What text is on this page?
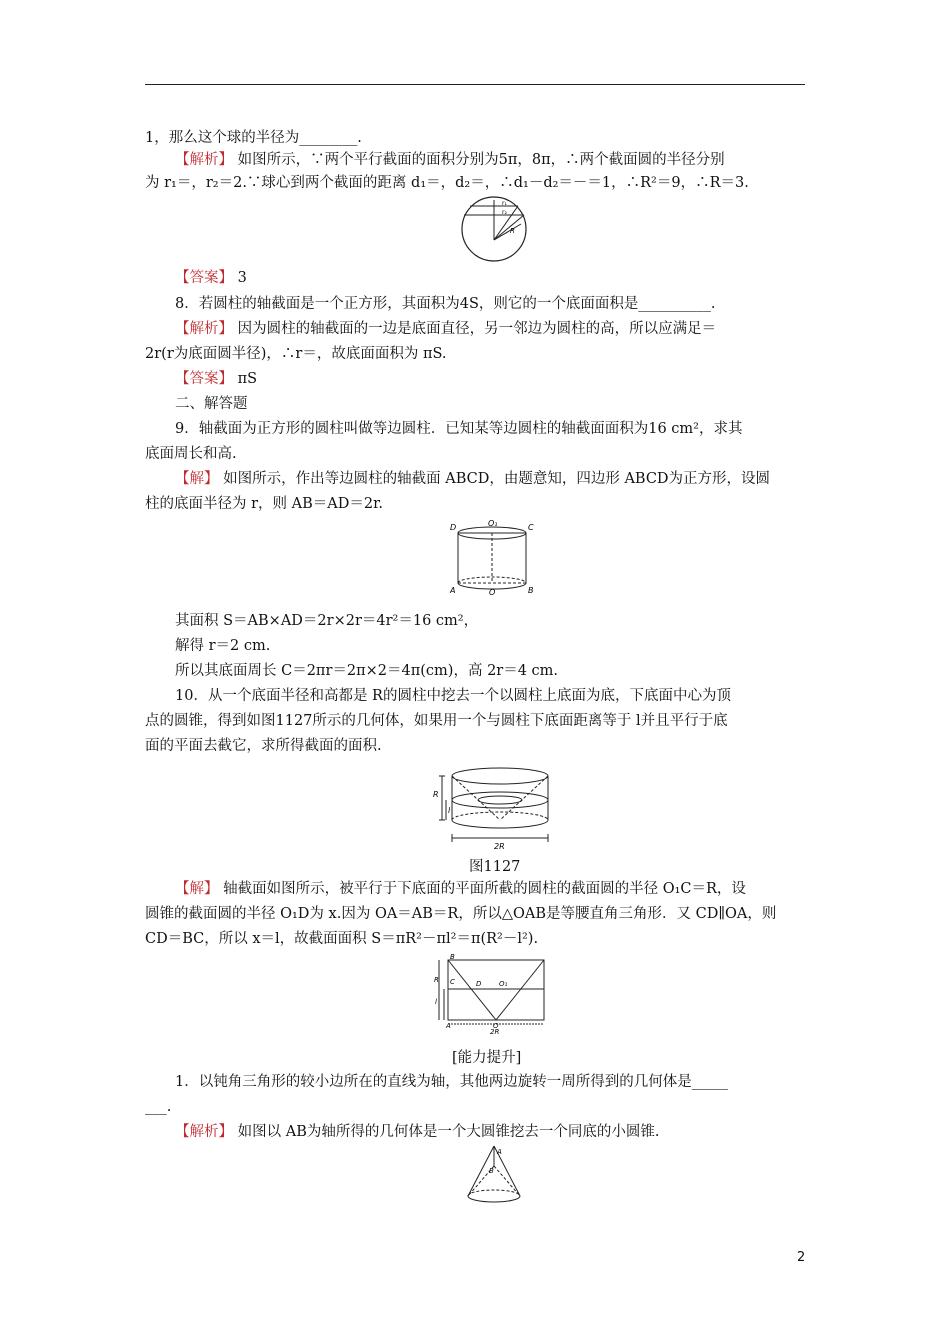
1，那么这个球的半径为________.
【解析】 如图所示，∵两个平行截面的面积分别为5π，8π，∴两个截面圆的半径分别
为 r₁＝，r₂＝2.∵球心到两个截面的距离 d₁＝，d₂＝，∴d₁－d₂＝－＝1，∴R²＝9，∴R＝3.
r₁
r₂
R
【答案】 3
8．若圆柱的轴截面是一个正方形，其面积为4S，则它的一个底面面积是__________.
【解析】 因为圆柱的轴截面的一边是底面直径，另一邻边为圆柱的高，所以应满足＝
2r(r为底面圆半径)，∴r＝，故底面面积为 πS.
【答案】 πS
二、解答题
9．轴截面为正方形的圆柱叫做等边圆柱．已知某等边圆柱的轴截面面积为16 cm²，求其
底面周长和高.
【解】 如图所示，作出等边圆柱的轴截面 ABCD，由题意知，四边形 ABCD为正方形，设圆
柱的底面半径为 r，则 AB＝AD＝2r.
D	O₁	C
A	O	B
其面积 S＝AB×AD＝2r×2r＝4r²＝16 cm²，
解得 r＝2 cm.
所以其底面周长 C＝2πr＝2π×2＝4π(cm)，高 2r＝4 cm.
10．从一个底面半径和高都是 R的圆柱中挖去一个以圆柱上底面为底，下底面中心为顶
点的圆锥，得到如图1127所示的几何体，如果用一个与圆柱下底面距离等于 l并且平行于底
面的平面去截它，求所得截面的面积.
R
l
2R
图1127
【解】 轴截面如图所示，被平行于下底面的平面所截的圆柱的截面圆的半径 O₁C＝R，设
圆锥的截面圆的半径 O₁D为 x.因为 OA＝AB＝R，所以△OAB是等腰直角三角形．又 CD∥OA，则
CD＝BC，所以 x＝l，故截面面积 S＝πR²－πl²＝π(R²－l²).
B
C	D	O₁
R
l
A	O
2R
[能力提升]
1．以钝角三角形的较小边所在的直线为轴，其他两边旋转一周所得到的几何体是_____
___.
【解析】 如图以 AB为轴所得的几何体是一个大圆锥挖去一个同底的小圆锥.
A
B
2
